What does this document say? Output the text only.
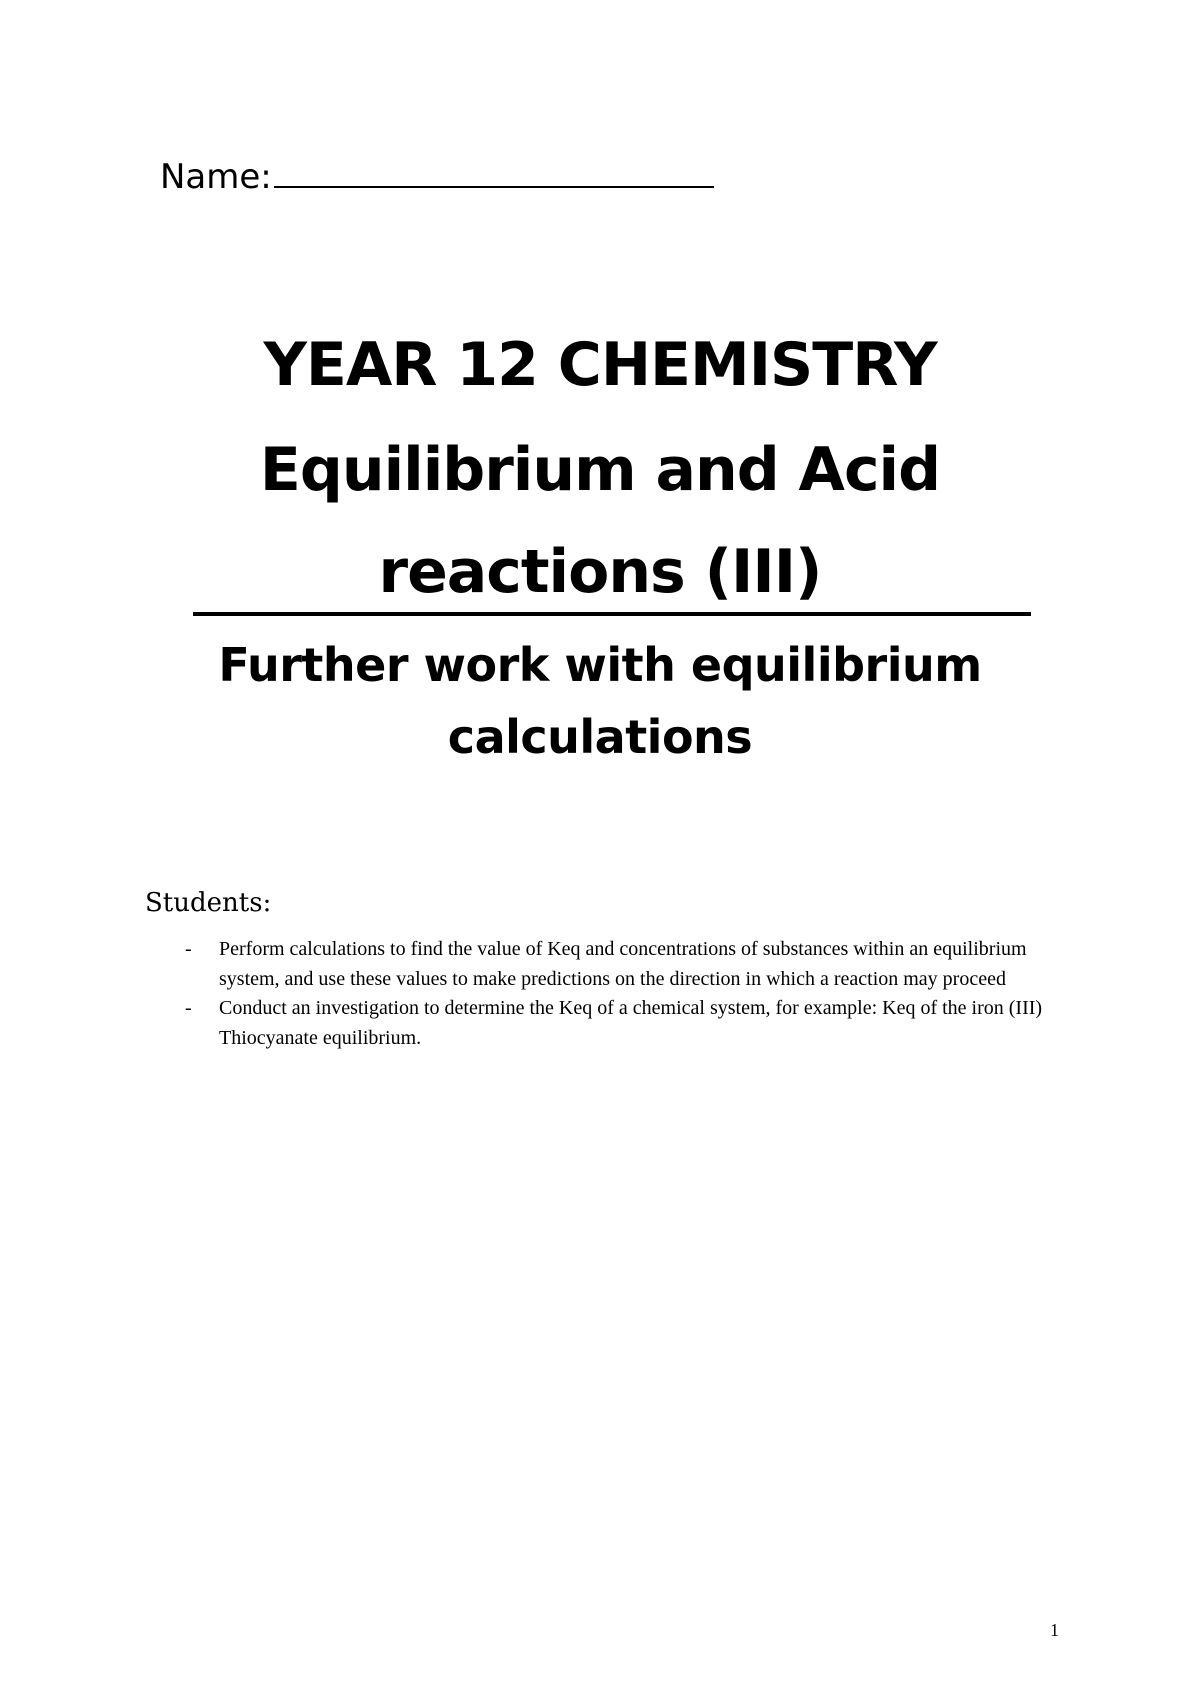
Name:
YEAR 12 CHEMISTRY
Equilibrium and Acid
reactions (III)
Further work with equilibrium
calculations
Students:
-	Perform calculations to find the value of Keq and concentrations of substances within an equilibrium system, and use these values to make predictions on the direction in which a reaction may proceed
-	Conduct an investigation to determine the Keq of a chemical system, for example: Keq of the iron (III) Thiocyanate equilibrium.
1
